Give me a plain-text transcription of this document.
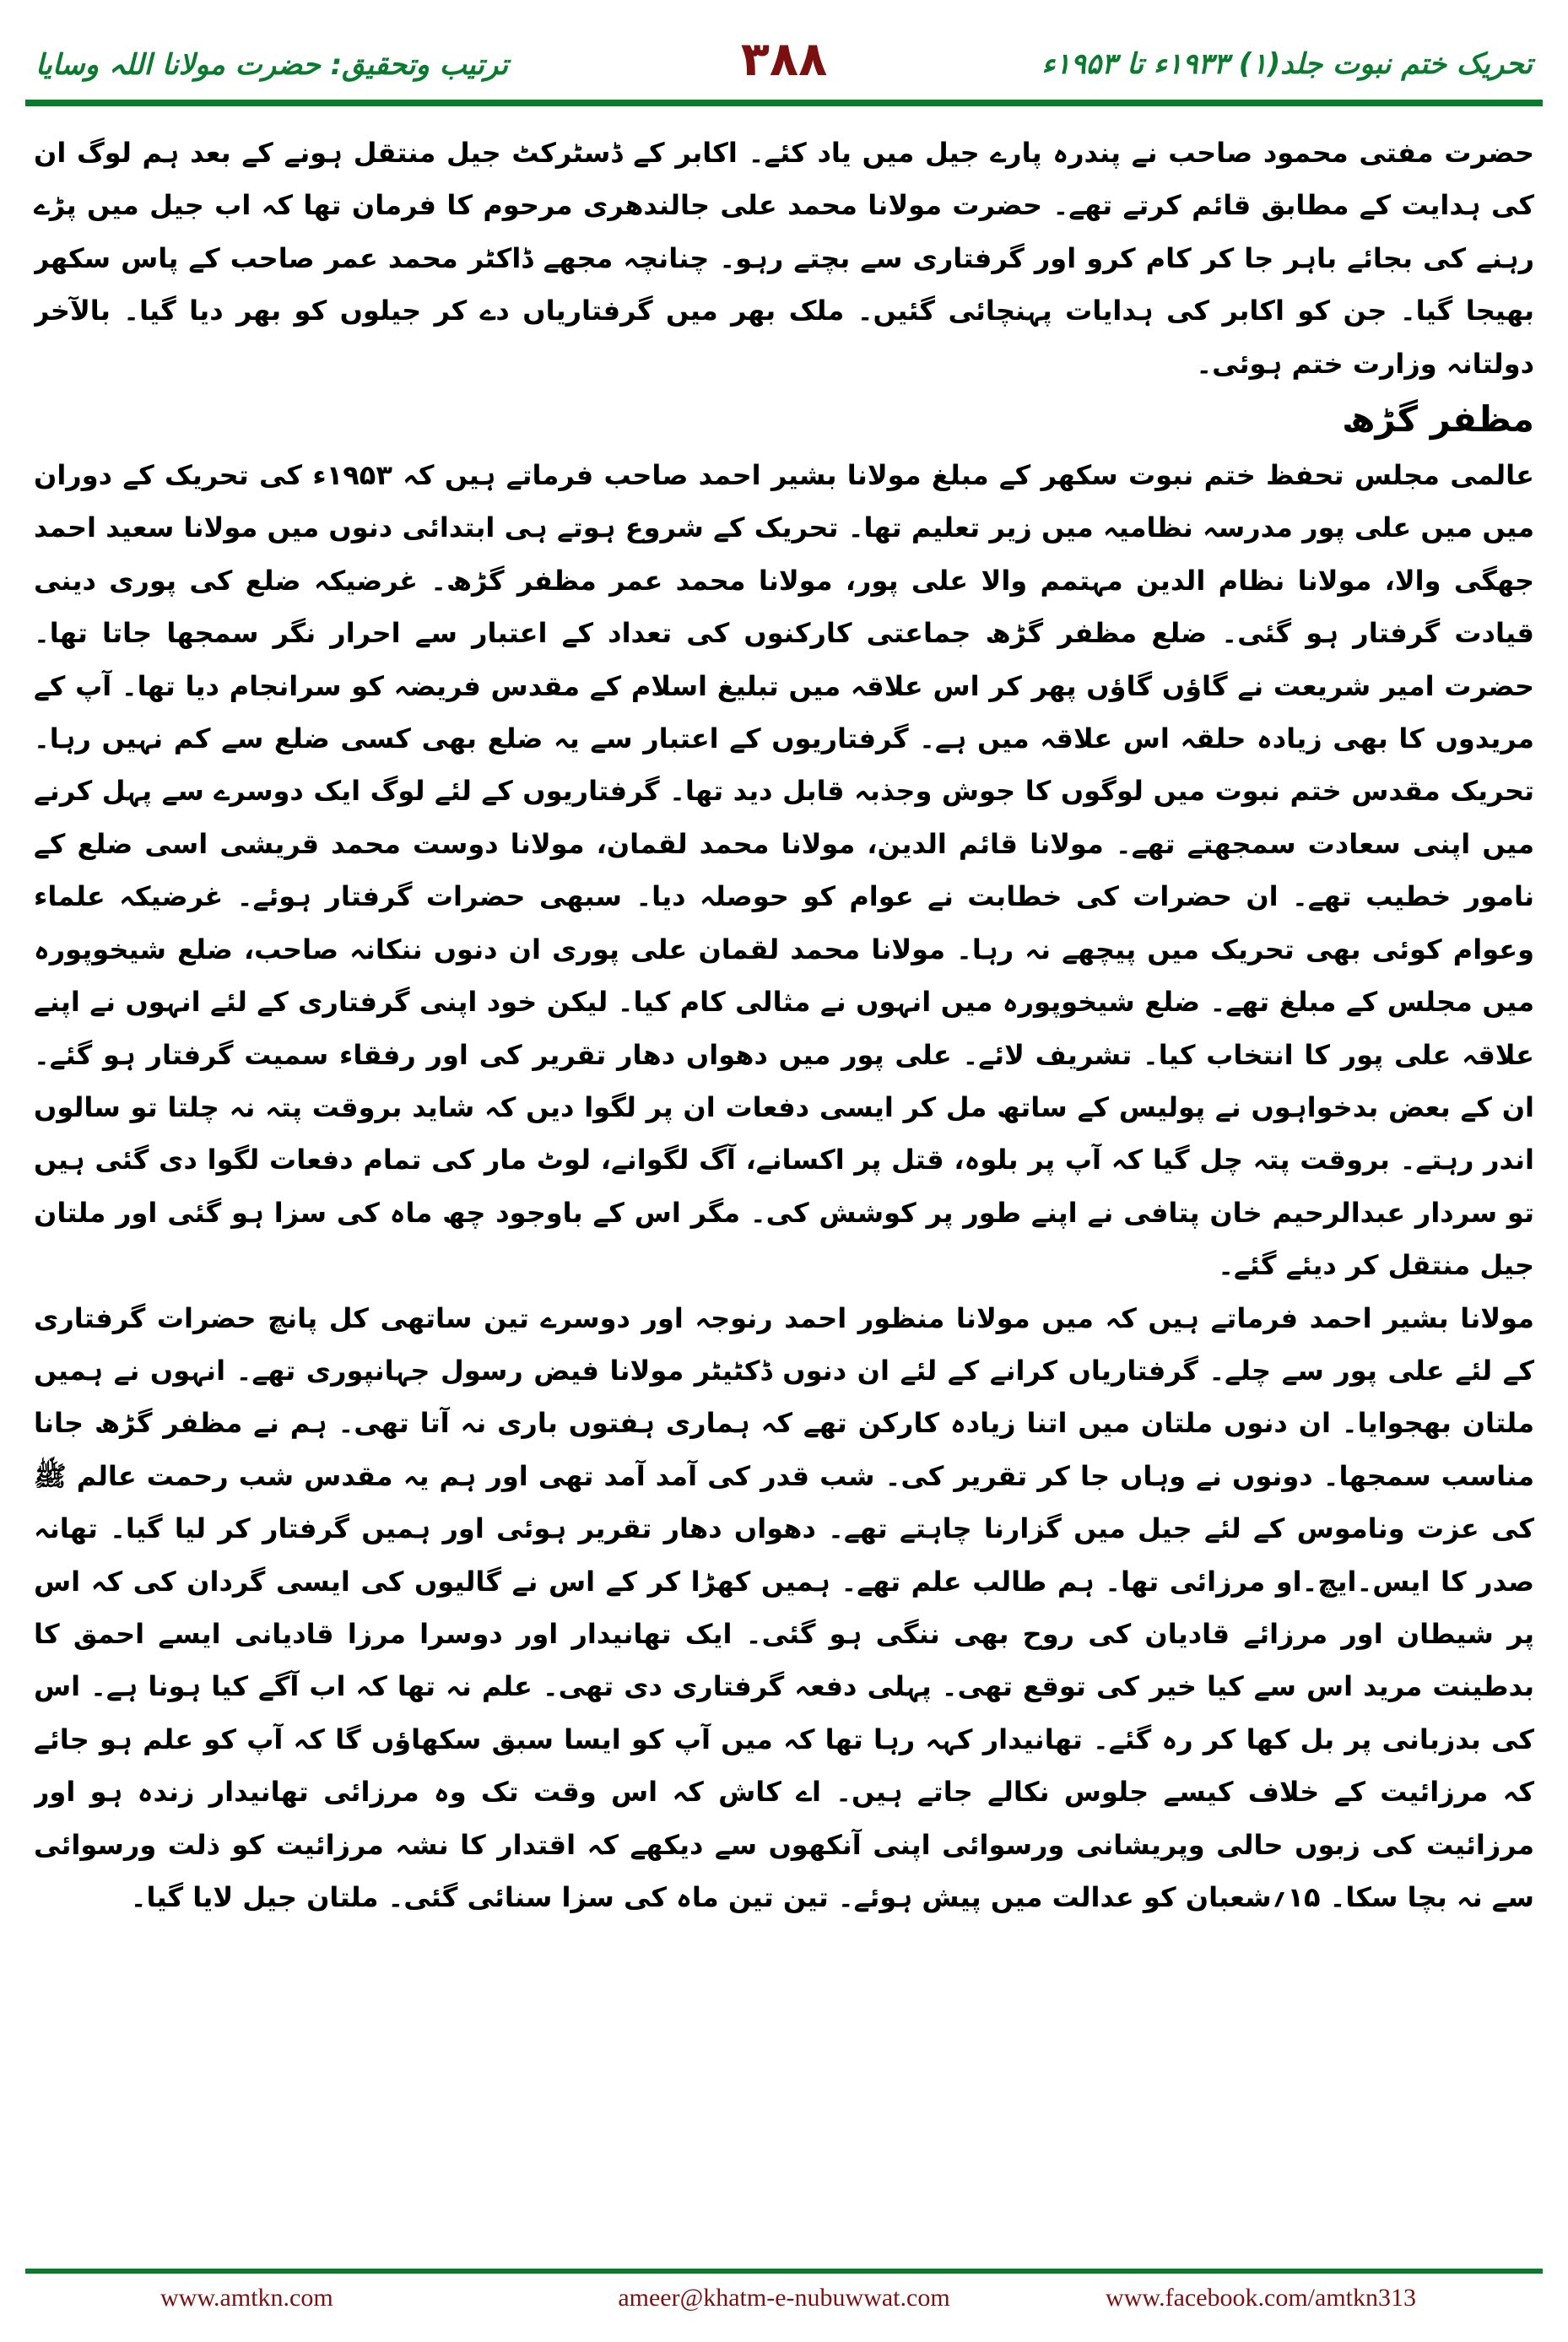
تحریک ختم نبوت جلد(۱) ۱۹۳۳ء تا ۱۹۵۳ء
۳۸۸
ترتیب وتحقیق: حضرت مولانا اللہ وسایا

حضرت مفتی محمود صاحب نے پندرہ پارے جیل میں یاد کئے۔ اکابر کے ڈسٹرکٹ جیل منتقل ہونے کے بعد ہم لوگ ان کی ہدایت کے مطابق قائم کرتے تھے۔ حضرت مولانا محمد علی جالندھری مرحوم کا فرمان تھا کہ اب جیل میں پڑے رہنے کی بجائے باہر جا کر کام کرو اور گرفتاری سے بچتے رہو۔ چنانچہ مجھے ڈاکٹر محمد عمر صاحب کے پاس سکھر بھیجا گیا۔ جن کو اکابر کی ہدایات پہنچائی گئیں۔ ملک بھر میں گرفتاریاں دے کر جیلوں کو بھر دیا گیا۔ بالآخر دولتانہ وزارت ختم ہوئی۔

مظفر گڑھ

عالمی مجلس تحفظ ختم نبوت سکھر کے مبلغ مولانا بشیر احمد صاحب فرماتے ہیں کہ ۱۹۵۳ء کی تحریک کے دوران میں میں علی پور مدرسہ نظامیہ میں زیر تعلیم تھا۔ تحریک کے شروع ہوتے ہی ابتدائی دنوں میں مولانا سعید احمد جھگی والا، مولانا نظام الدین مہتمم والا علی پور، مولانا محمد عمر مظفر گڑھ۔ غرضیکہ ضلع کی پوری دینی قیادت گرفتار ہو گئی۔ ضلع مظفر گڑھ جماعتی کارکنوں کی تعداد کے اعتبار سے احرار نگر سمجھا جاتا تھا۔ حضرت امیر شریعت نے گاؤں گاؤں پھر کر اس علاقہ میں تبلیغ اسلام کے مقدس فریضہ کو سرانجام دیا تھا۔ آپ کے مریدوں کا بھی زیادہ حلقہ اس علاقہ میں ہے۔ گرفتاریوں کے اعتبار سے یہ ضلع بھی کسی ضلع سے کم نہیں رہا۔ تحریک مقدس ختم نبوت میں لوگوں کا جوش وجذبہ قابل دید تھا۔ گرفتاریوں کے لئے لوگ ایک دوسرے سے پہل کرنے میں اپنی سعادت سمجھتے تھے۔ مولانا قائم الدین، مولانا محمد لقمان، مولانا دوست محمد قریشی اسی ضلع کے نامور خطیب تھے۔ ان حضرات کی خطابت نے عوام کو حوصلہ دیا۔ سبھی حضرات گرفتار ہوئے۔ غرضیکہ علماء وعوام کوئی بھی تحریک میں پیچھے نہ رہا۔ مولانا محمد لقمان علی پوری ان دنوں ننکانہ صاحب، ضلع شیخوپورہ میں مجلس کے مبلغ تھے۔ ضلع شیخوپورہ میں انہوں نے مثالی کام کیا۔ لیکن خود اپنی گرفتاری کے لئے انہوں نے اپنے علاقہ علی پور کا انتخاب کیا۔ تشریف لائے۔ علی پور میں دھواں دھار تقریر کی اور رفقاء سمیت گرفتار ہو گئے۔ ان کے بعض بدخواہوں نے پولیس کے ساتھ مل کر ایسی دفعات ان پر لگوا دیں کہ شاید بروقت پتہ نہ چلتا تو سالوں اندر رہتے۔ بروقت پتہ چل گیا کہ آپ پر بلوہ، قتل پر اکسانے، آگ لگوانے، لوٹ مار کی تمام دفعات لگوا دی گئی ہیں تو سردار عبدالرحیم خان پتافی نے اپنے طور پر کوشش کی۔ مگر اس کے باوجود چھ ماہ کی سزا ہو گئی اور ملتان جیل منتقل کر دیئے گئے۔

مولانا بشیر احمد فرماتے ہیں کہ میں مولانا منظور احمد رنوجہ اور دوسرے تین ساتھی کل پانچ حضرات گرفتاری کے لئے علی پور سے چلے۔ گرفتاریاں کرانے کے لئے ان دنوں ڈکٹیٹر مولانا فیض رسول جہانپوری تھے۔ انہوں نے ہمیں ملتان بھجوایا۔ ان دنوں ملتان میں اتنا زیادہ کارکن تھے کہ ہماری ہفتوں باری نہ آتا تھی۔ ہم نے مظفر گڑھ جانا مناسب سمجھا۔ دونوں نے وہاں جا کر تقریر کی۔ شب قدر کی آمد آمد تھی اور ہم یہ مقدس شب رحمت عالم ﷺ کی عزت وناموس کے لئے جیل میں گزارنا چاہتے تھے۔ دھواں دھار تقریر ہوئی اور ہمیں گرفتار کر لیا گیا۔ تھانہ صدر کا ایس۔ایچ۔او مرزائی تھا۔ ہم طالب علم تھے۔ ہمیں کھڑا کر کے اس نے گالیوں کی ایسی گردان کی کہ اس پر شیطان اور مرزائے قادیان کی روح بھی ننگی ہو گئی۔ ایک تھانیدار اور دوسرا مرزا قادیانی ایسے احمق کا بدطینت مرید اس سے کیا خیر کی توقع تھی۔ پہلی دفعہ گرفتاری دی تھی۔ علم نہ تھا کہ اب آگے کیا ہونا ہے۔ اس کی بدزبانی پر بل کھا کر رہ گئے۔ تھانیدار کہہ رہا تھا کہ میں آپ کو ایسا سبق سکھاؤں گا کہ آپ کو علم ہو جائے کہ مرزائیت کے خلاف کیسے جلوس نکالے جاتے ہیں۔ اے کاش کہ اس وقت تک وہ مرزائی تھانیدار زندہ ہو اور مرزائیت کی زبوں حالی وپریشانی ورسوائی اپنی آنکھوں سے دیکھے کہ اقتدار کا نشہ مرزائیت کو ذلت ورسوائی سے نہ بچا سکا۔ ۱۵؍شعبان کو عدالت میں پیش ہوئے۔ تین تین ماہ کی سزا سنائی گئی۔ ملتان جیل لایا گیا۔

www.amtkn.com	ameer@khatm-e-nubuwwat.com	www.facebook.com/amtkn313
